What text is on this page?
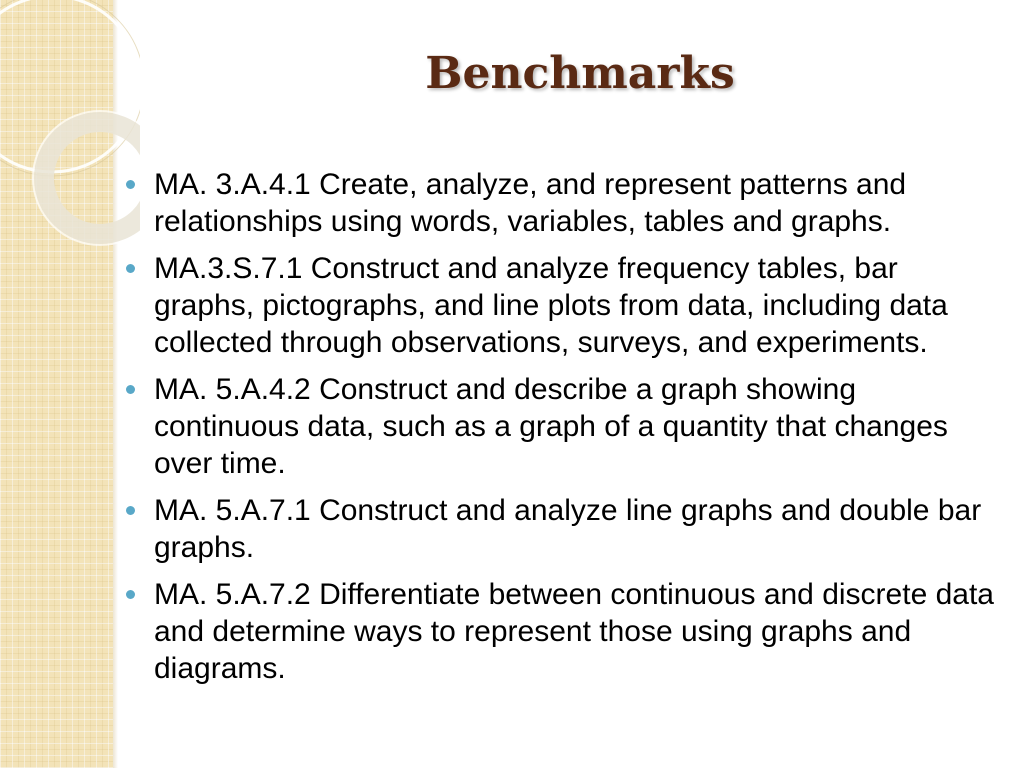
Benchmarks
MA. 3.A.4.1 Create, analyze, and represent patterns and relationships using words, variables, tables and graphs.
MA.3.S.7.1 Construct and analyze frequency tables, bar graphs, pictographs, and line plots from data, including data collected through observations, surveys, and experiments.
MA. 5.A.4.2 Construct and describe a graph showing continuous data, such as a graph of a quantity that changes over time.
MA. 5.A.7.1 Construct and analyze line graphs and double bar graphs.
MA. 5.A.7.2 Differentiate between continuous and discrete data and determine ways to represent those using graphs and diagrams.
